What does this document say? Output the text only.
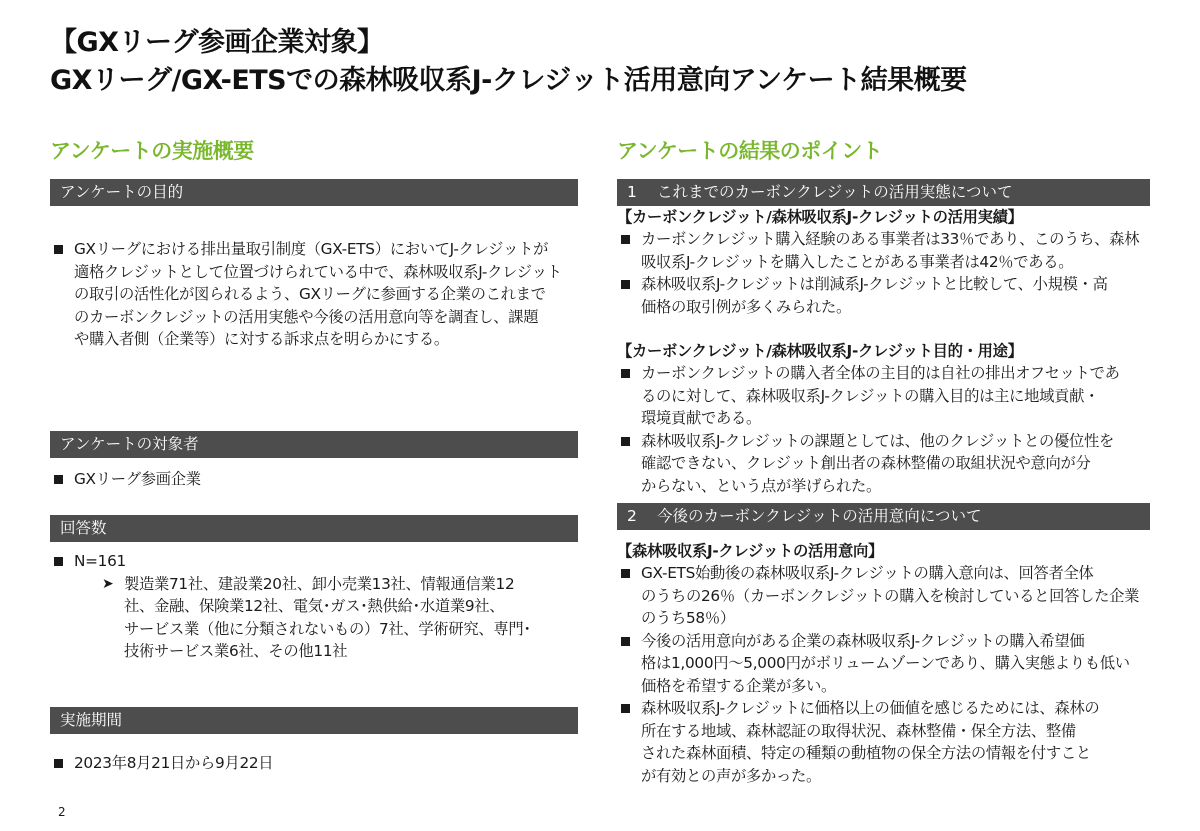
【GXリーグ参画企業対象】
GXリーグ/GX-ETSでの森林吸収系J-クレジット活用意向アンケート結果概要
アンケートの実施概要
アンケートの目的
GXリーグにおける排出量取引制度（GX-ETS）においてJ-クレジットが
適格クレジットとして位置づけられている中で、森林吸収系J-クレジット
の取引の活性化が図られるよう、GXリーグに参画する企業のこれまで
のカーボンクレジットの活用実態や今後の活用意向等を調査し、課題
や購入者側（企業等）に対する訴求点を明らかにする。
アンケートの対象者
GXリーグ参画企業
回答数
N=161
➤ 製造業71社、建設業20社、卸小売業13社、情報通信業12
社、金融、保険業12社、電気･ガス･熱供給･水道業9社、
サービス業（他に分類されないもの）7社、学術研究、専門･
技術サービス業6社、その他11社
実施期間
2023年8月21日から9月22日
アンケートの結果のポイント
1 これまでのカーボンクレジットの活用実態について
【カーボンクレジット/森林吸収系J-クレジットの活用実績】
カーボンクレジット購入経験のある事業者は33％であり、このうち、森林
吸収系J-クレジットを購入したことがある事業者は42％である。
森林吸収系J-クレジットは削減系J-クレジットと比較して、小規模・高
価格の取引例が多くみられた。
【カーボンクレジット/森林吸収系J-クレジット目的・用途】
カーボンクレジットの購入者全体の主目的は自社の排出オフセットであ
るのに対して、森林吸収系J-クレジットの購入目的は主に地域貢献・
環境貢献である。
森林吸収系J-クレジットの課題としては、他のクレジットとの優位性を
確認できない、クレジット創出者の森林整備の取組状況や意向が分
からない、という点が挙げられた。
2 今後のカーボンクレジットの活用意向について
【森林吸収系J-クレジットの活用意向】
GX-ETS始動後の森林吸収系J-クレジットの購入意向は、回答者全体
のうちの26％（カーボンクレジットの購入を検討していると回答した企業
のうち58％）
今後の活用意向がある企業の森林吸収系J-クレジットの購入希望価
格は1,000円～5,000円がボリュームゾーンであり、購入実態よりも低い
価格を希望する企業が多い。
森林吸収系J-クレジットに価格以上の価値を感じるためには、森林の
所在する地域、森林認証の取得状況、森林整備・保全方法、整備
された森林面積、特定の種類の動植物の保全方法の情報を付すこと
が有効との声が多かった。
2
